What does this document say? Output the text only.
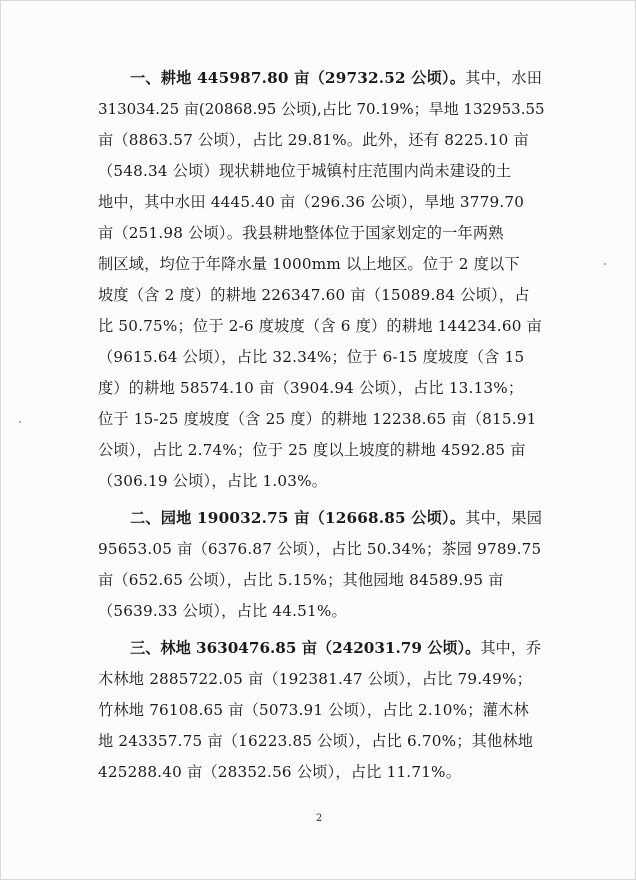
一、耕地 445987.80 亩（29732.52 公顷）。其中，水田
313034.25 亩(20868.95 公顷),占比 70.19%；旱地 132953.55
亩（8863.57 公顷），占比 29.81%。此外，还有 8225.10 亩
（548.34 公顷）现状耕地位于城镇村庄范围内尚未建设的土
地中，其中水田 4445.40 亩（296.36 公顷），旱地 3779.70
亩（251.98 公顷）。我县耕地整体位于国家划定的一年两熟
制区域，均位于年降水量 1000mm 以上地区。位于 2 度以下
坡度（含 2 度）的耕地 226347.60 亩（15089.84 公顷），占
比 50.75%；位于 2-6 度坡度（含 6 度）的耕地 144234.60 亩
（9615.64 公顷），占比 32.34%；位于 6-15 度坡度（含 15
度）的耕地 58574.10 亩（3904.94 公顷），占比 13.13%；
位于 15-25 度坡度（含 25 度）的耕地 12238.65 亩（815.91
公顷），占比 2.74%；位于 25 度以上坡度的耕地 4592.85 亩
（306.19 公顷），占比 1.03%。
二、园地 190032.75 亩（12668.85 公顷）。其中，果园
95653.05 亩（6376.87 公顷），占比 50.34%；茶园 9789.75
亩（652.65 公顷），占比 5.15%；其他园地 84589.95 亩
（5639.33 公顷），占比 44.51%。
三、林地 3630476.85 亩（242031.79 公顷）。其中，乔
木林地 2885722.05 亩（192381.47 公顷），占比 79.49%；
竹林地 76108.65 亩（5073.91 公顷），占比 2.10%；灌木林
地 243357.75 亩（16223.85 公顷），占比 6.70%；其他林地
425288.40 亩（28352.56 公顷），占比 11.71%。
2
